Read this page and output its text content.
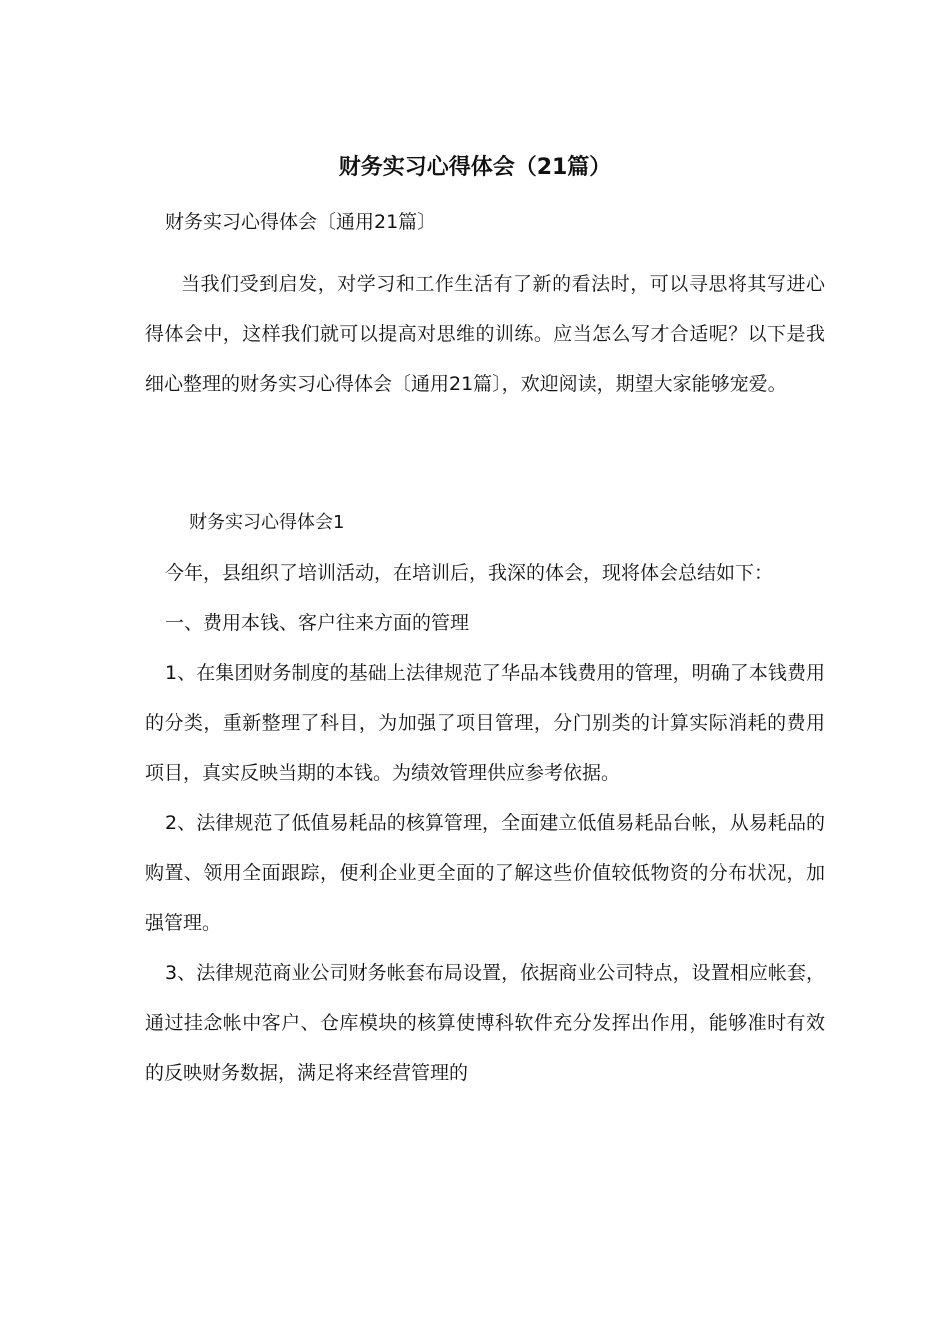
财务实习心得体会（21篇）

财务实习心得体会〔通用21篇〕

当我们受到启发，对学习和工作生活有了新的看法时，可以寻思将其写进心得体会中，这样我们就可以提高对思维的训练。应当怎么写才合适呢？以下是我细心整理的财务实习心得体会〔通用21篇〕，欢迎阅读，期望大家能够宠爱。

财务实习心得体会1

今年，县组织了培训活动，在培训后，我深的体会，现将体会总结如下：

一、费用本钱、客户往来方面的管理

1、在集团财务制度的基础上法律规范了华品本钱费用的管理，明确了本钱费用的分类，重新整理了科目，为加强了项目管理，分门别类的计算实际消耗的费用项目，真实反映当期的本钱。为绩效管理供应参考依据。

2、法律规范了低值易耗品的核算管理，全面建立低值易耗品台帐，从易耗品的购置、领用全面跟踪，便利企业更全面的了解这些价值较低物资的分布状况，加强管理。

3、法律规范商业公司财务帐套布局设置，依据商业公司特点，设置相应帐套，通过挂念帐中客户、仓库模块的核算使博科软件充分发挥出作用，能够准时有效的反映财务数据，满足将来经营管理的
